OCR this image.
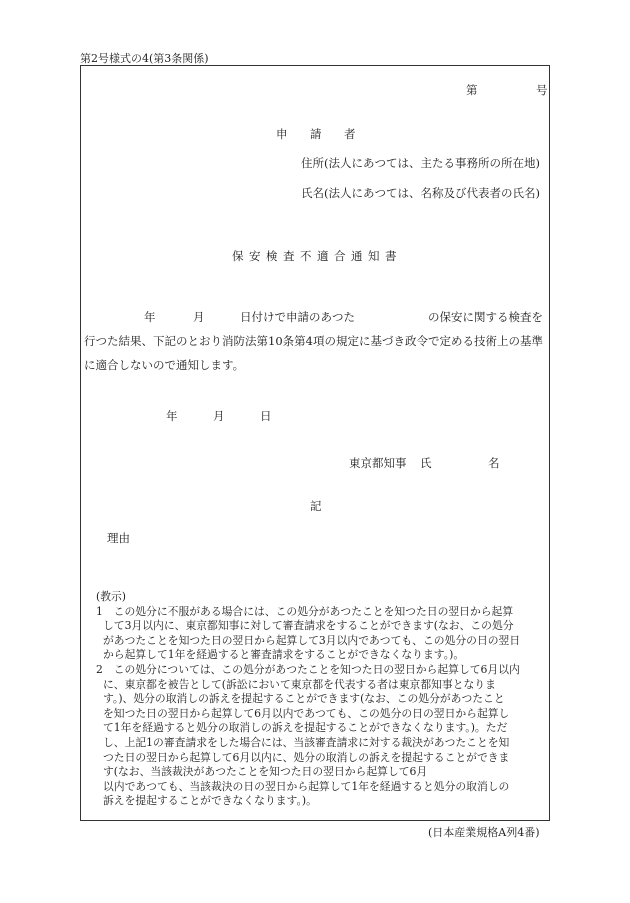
第2号様式の4(第3条関係)
第	号
申 請 者
住所(法人にあつては、主たる事務所の所在地)
氏名(法人にあつては、名称及び代表者の氏名)
保 安 検 査 不 適 合 通 知 書
年	月	日付けで申請のあつた	の保安に関する検査を
行つた結果、下記のとおり消防法第10条第4項の規定に基づき政令で定める技術上の基準
に適合しないので通知します。
年	月	日
東京都知事 氏	名
記
理由
(教示)
1　この処分に不服がある場合には、この処分があつたことを知つた日の翌日から起算
して3月以内に、東京都知事に対して審査請求をすることができます(なお、この処分
があつたことを知つた日の翌日から起算して3月以内であつても、この処分の日の翌日
から起算して1年を経過すると審査請求をすることができなくなります。)。
2　この処分については、この処分があつたことを知つた日の翌日から起算して6月以内
に、東京都を被告として(訴訟において東京都を代表する者は東京都知事となりま
す。)、処分の取消しの訴えを提起することができます(なお、この処分があつたこと
を知つた日の翌日から起算して6月以内であつても、この処分の日の翌日から起算し
て1年を経過すると処分の取消しの訴えを提起することができなくなります。)。ただ
し、上記1の審査請求をした場合には、当該審査請求に対する裁決があつたことを知
つた日の翌日から起算して6月以内に、処分の取消しの訴えを提起することができま
す(なお、当該裁決があつたことを知つた日の翌日から起算して6月
以内であつても、当該裁決の日の翌日から起算して1年を経過すると処分の取消しの
訴えを提起することができなくなります。)。
(日本産業規格A列4番)
